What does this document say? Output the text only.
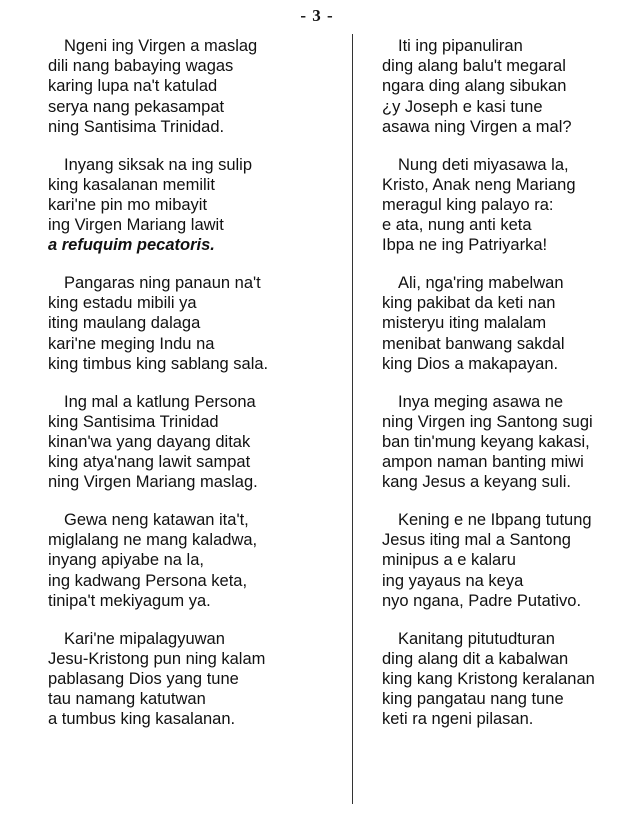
- 3 -
Ngeni ing Virgen a maslag
dili nang babaying wagas
karing lupa na't katulad
serya nang pekasampat
ning Santisima Trinidad.
Inyang siksak na ing sulip
king kasalanan memilit
kari'ne pin mo mibayit
ing Virgen Mariang lawit
a refuquim pecatoris.
Pangaras ning panaun na't
king estadu mibili ya
iting maulang dalaga
kari'ne meging Indu na
king timbus king sablang sala.
Ing mal a katlung Persona
king Santisima Trinidad
kinan'wa yang dayang ditak
king atya'nang lawit sampat
ning Virgen Mariang maslag.
Gewa neng katawan ita't,
miglalang ne mang kaladwa,
inyang apiyabe na la,
ing kadwang Persona keta,
tinipa't mekiyagum ya.
Kari'ne mipalagyuwan
Jesu-Kristong pun ning kalam
pablasang Dios yang tune
tau namang katutwan
a tumbus king kasalanan.
Iti ing pipanuliran
ding alang balu't megaral
ngara ding alang sibukan
¿y Joseph e kasi tune
asawa ning Virgen a mal?
Nung deti miyasawa la,
Kristo, Anak neng Mariang
meragul king palayo ra:
e ata, nung anti keta
Ibpa ne ing Patriyarka!
Ali, nga'ring mabelwan
king pakibat da keti nan
misteryu iting malalam
menibat banwang sakdal
king Dios a makapayan.
Inya meging asawa ne
ning Virgen ing Santong sugi
ban tin'mung keyang kakasi,
ampon naman banting miwi
kang Jesus a keyang suli.
Kening e ne Ibpang tutung
Jesus iting mal a Santong
minipus a e kalaru
ing yayaus na keya
nyo ngana, Padre Putativo.
Kanitang pitutudturan
ding alang dit a kabalwan
king kang Kristong keralanan
king pangatau nang tune
keti ra ngeni pilasan.
